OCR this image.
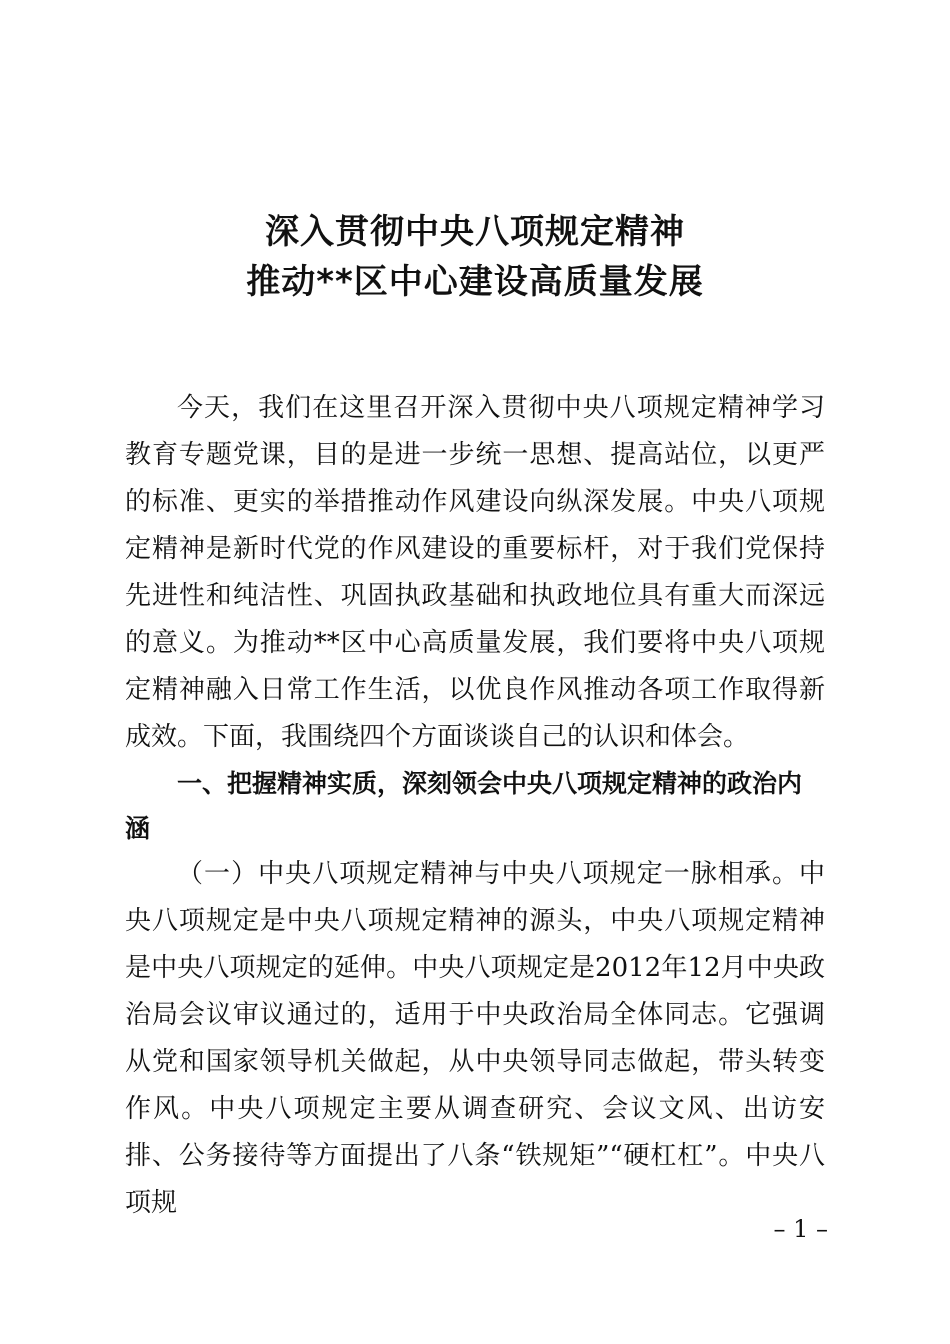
深入贯彻中央八项规定精神
推动**区中心建设高质量发展

今天，我们在这里召开深入贯彻中央八项规定精神学习教育专题党课，目的是进一步统一思想、提高站位，以更严的标准、更实的举措推动作风建设向纵深发展。中央八项规定精神是新时代党的作风建设的重要标杆，对于我们党保持先进性和纯洁性、巩固执政基础和执政地位具有重大而深远的意义。为推动**区中心高质量发展，我们要将中央八项规定精神融入日常工作生活，以优良作风推动各项工作取得新成效。下面，我围绕四个方面谈谈自己的认识和体会。

一、把握精神实质，深刻领会中央八项规定精神的政治内涵

（一）中央八项规定精神与中央八项规定一脉相承。中央八项规定是中央八项规定精神的源头，中央八项规定精神是中央八项规定的延伸。中央八项规定是2012年12月中央政治局会议审议通过的，适用于中央政治局全体同志。它强调从党和国家领导机关做起，从中央领导同志做起，带头转变作风。中央八项规定主要从调查研究、会议文风、出访安排、公务接待等方面提出了八条“铁规矩”“硬杠杠”。中央八项规

– 1 –
